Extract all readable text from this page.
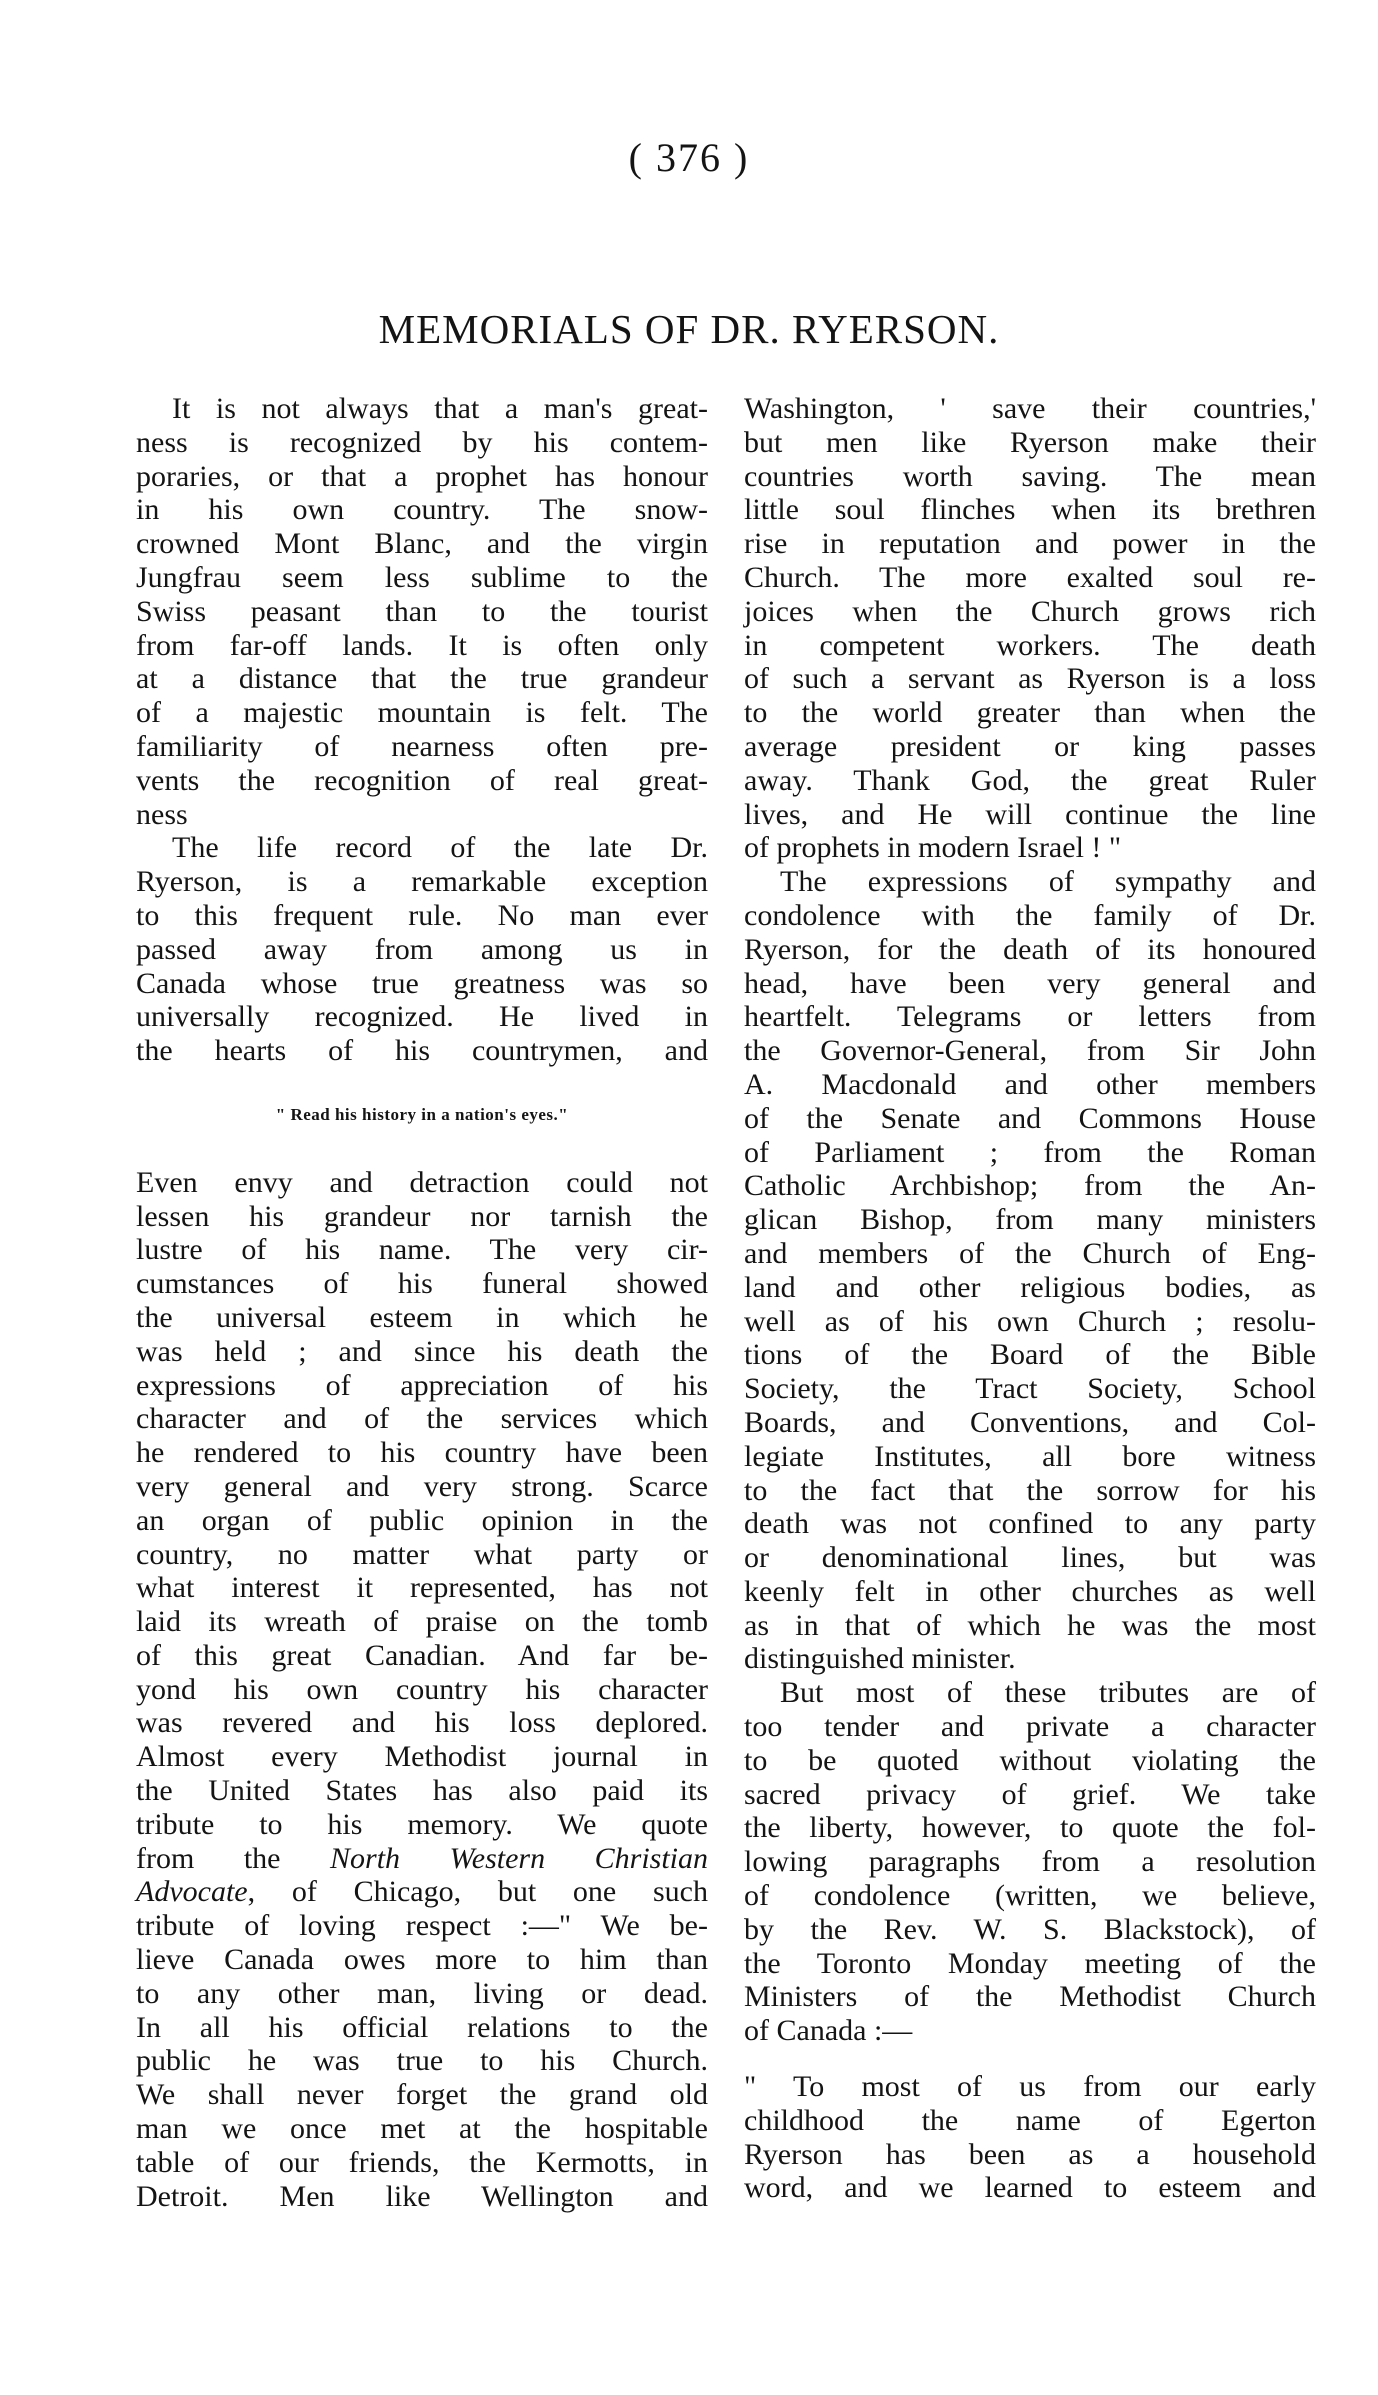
( 376 )
MEMORIALS OF DR. RYERSON.
It is not always that a man's great-
ness is recognized by his contem-
poraries, or that a prophet has honour
in his own country. The snow-
crowned Mont Blanc, and the virgin
Jungfrau seem less sublime to the
Swiss peasant than to the tourist
from far-off lands. It is often only
at a distance that the true grandeur
of a majestic mountain is felt. The
familiarity of nearness often pre-
vents the recognition of real great-
ness
The life record of the late Dr.
Ryerson, is a remarkable exception
to this frequent rule. No man ever
passed away from among us in
Canada whose true greatness was so
universally recognized. He lived in
the hearts of his countrymen, and
" Read his history in a nation's eyes."
Even envy and detraction could not
lessen his grandeur nor tarnish the
lustre of his name. The very cir-
cumstances of his funeral showed
the universal esteem in which he
was held ; and since his death the
expressions of appreciation of his
character and of the services which
he rendered to his country have been
very general and very strong. Scarce
an organ of public opinion in the
country, no matter what party or
what interest it represented, has not
laid its wreath of praise on the tomb
of this great Canadian. And far be-
yond his own country his character
was revered and his loss deplored.
Almost every Methodist journal in
the United States has also paid its
tribute to his memory. We quote
from the North Western Christian
Advocate, of Chicago, but one such
tribute of loving respect :—" We be-
lieve Canada owes more to him than
to any other man, living or dead.
In all his official relations to the
public he was true to his Church.
We shall never forget the grand old
man we once met at the hospitable
table of our friends, the Kermotts, in
Detroit. Men like Wellington and
Washington, ' save their countries,'
but men like Ryerson make their
countries worth saving. The mean
little soul flinches when its brethren
rise in reputation and power in the
Church. The more exalted soul re-
joices when the Church grows rich
in competent workers. The death
of such a servant as Ryerson is a loss
to the world greater than when the
average president or king passes
away. Thank God, the great Ruler
lives, and He will continue the line
of prophets in modern Israel ! "
The expressions of sympathy and
condolence with the family of Dr.
Ryerson, for the death of its honoured
head, have been very general and
heartfelt. Telegrams or letters from
the Governor-General, from Sir John
A. Macdonald and other members
of the Senate and Commons House
of Parliament ; from the Roman
Catholic Archbishop; from the An-
glican Bishop, from many ministers
and members of the Church of Eng-
land and other religious bodies, as
well as of his own Church ; resolu-
tions of the Board of the Bible
Society, the Tract Society, School
Boards, and Conventions, and Col-
legiate Institutes, all bore witness
to the fact that the sorrow for his
death was not confined to any party
or denominational lines, but was
keenly felt in other churches as well
as in that of which he was the most
distinguished minister.
But most of these tributes are of
too tender and private a character
to be quoted without violating the
sacred privacy of grief. We take
the liberty, however, to quote the fol-
lowing paragraphs from a resolution
of condolence (written, we believe,
by the Rev. W. S. Blackstock), of
the Toronto Monday meeting of the
Ministers of the Methodist Church
of Canada :—
" To most of us from our early
childhood the name of Egerton
Ryerson has been as a household
word, and we learned to esteem and
